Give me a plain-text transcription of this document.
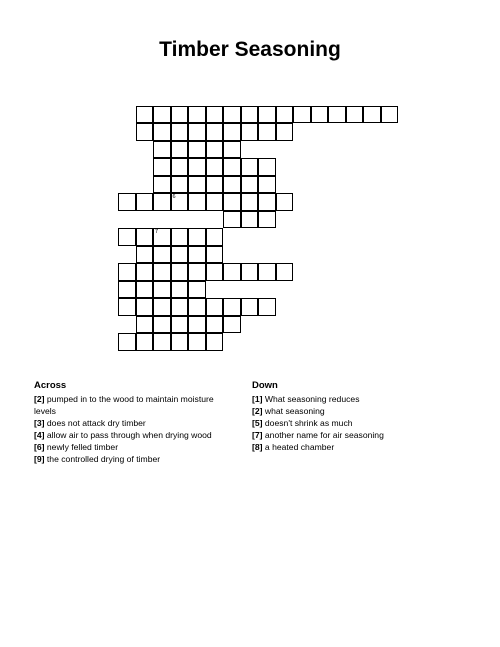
Timber Seasoning
6
7
Across

[2] pumped in to the wood to maintain moisture levels

[3] does not attack dry timber

[4] allow air to pass through when drying wood

[6] newly felled timber

[9] the controlled drying of timber

Down

[1] What seasoning reduces

[2] what seasoning

[5] doesn't shrink as much

[7] another name for air seasoning

[8] a heated chamber
